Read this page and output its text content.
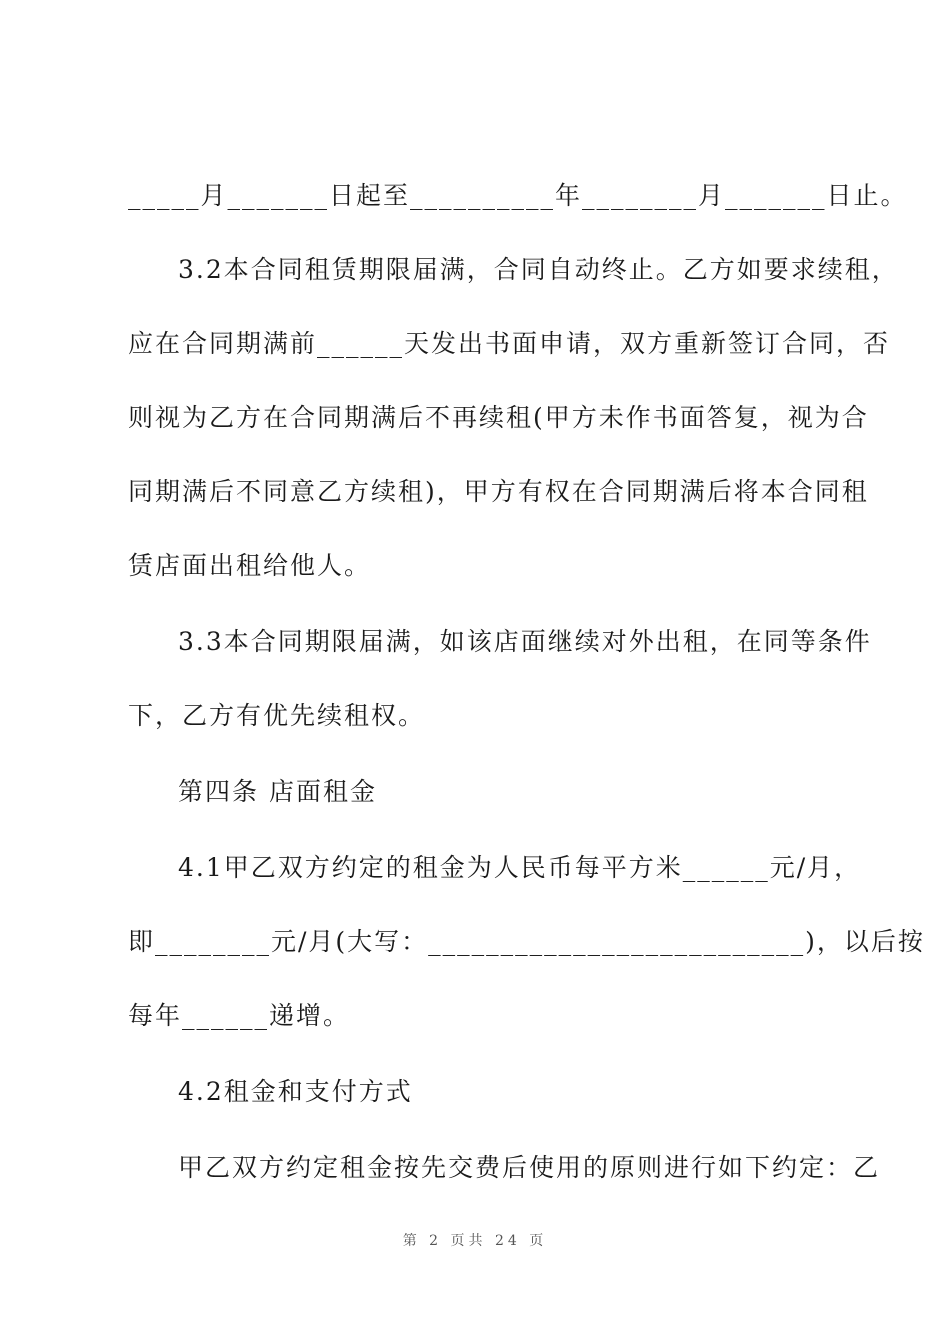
_____月_______日起至__________年________月_______日止。

3.2本合同租赁期限届满，合同自动终止。乙方如要求续租，

应在合同期满前______天发出书面申请，双方重新签订合同，否

则视为乙方在合同期满后不再续租(甲方未作书面答复，视为合

同期满后不同意乙方续租)，甲方有权在合同期满后将本合同租

赁店面出租给他人。

3.3本合同期限届满，如该店面继续对外出租，在同等条件

下，乙方有优先续租权。

第四条 店面租金

4.1甲乙双方约定的租金为人民币每平方米______元/月，

即________元/月(大写：__________________________)，以后按

每年______递增。

4.2租金和支付方式

甲乙双方约定租金按先交费后使用的原则进行如下约定：乙

第 2 页共 24 页
